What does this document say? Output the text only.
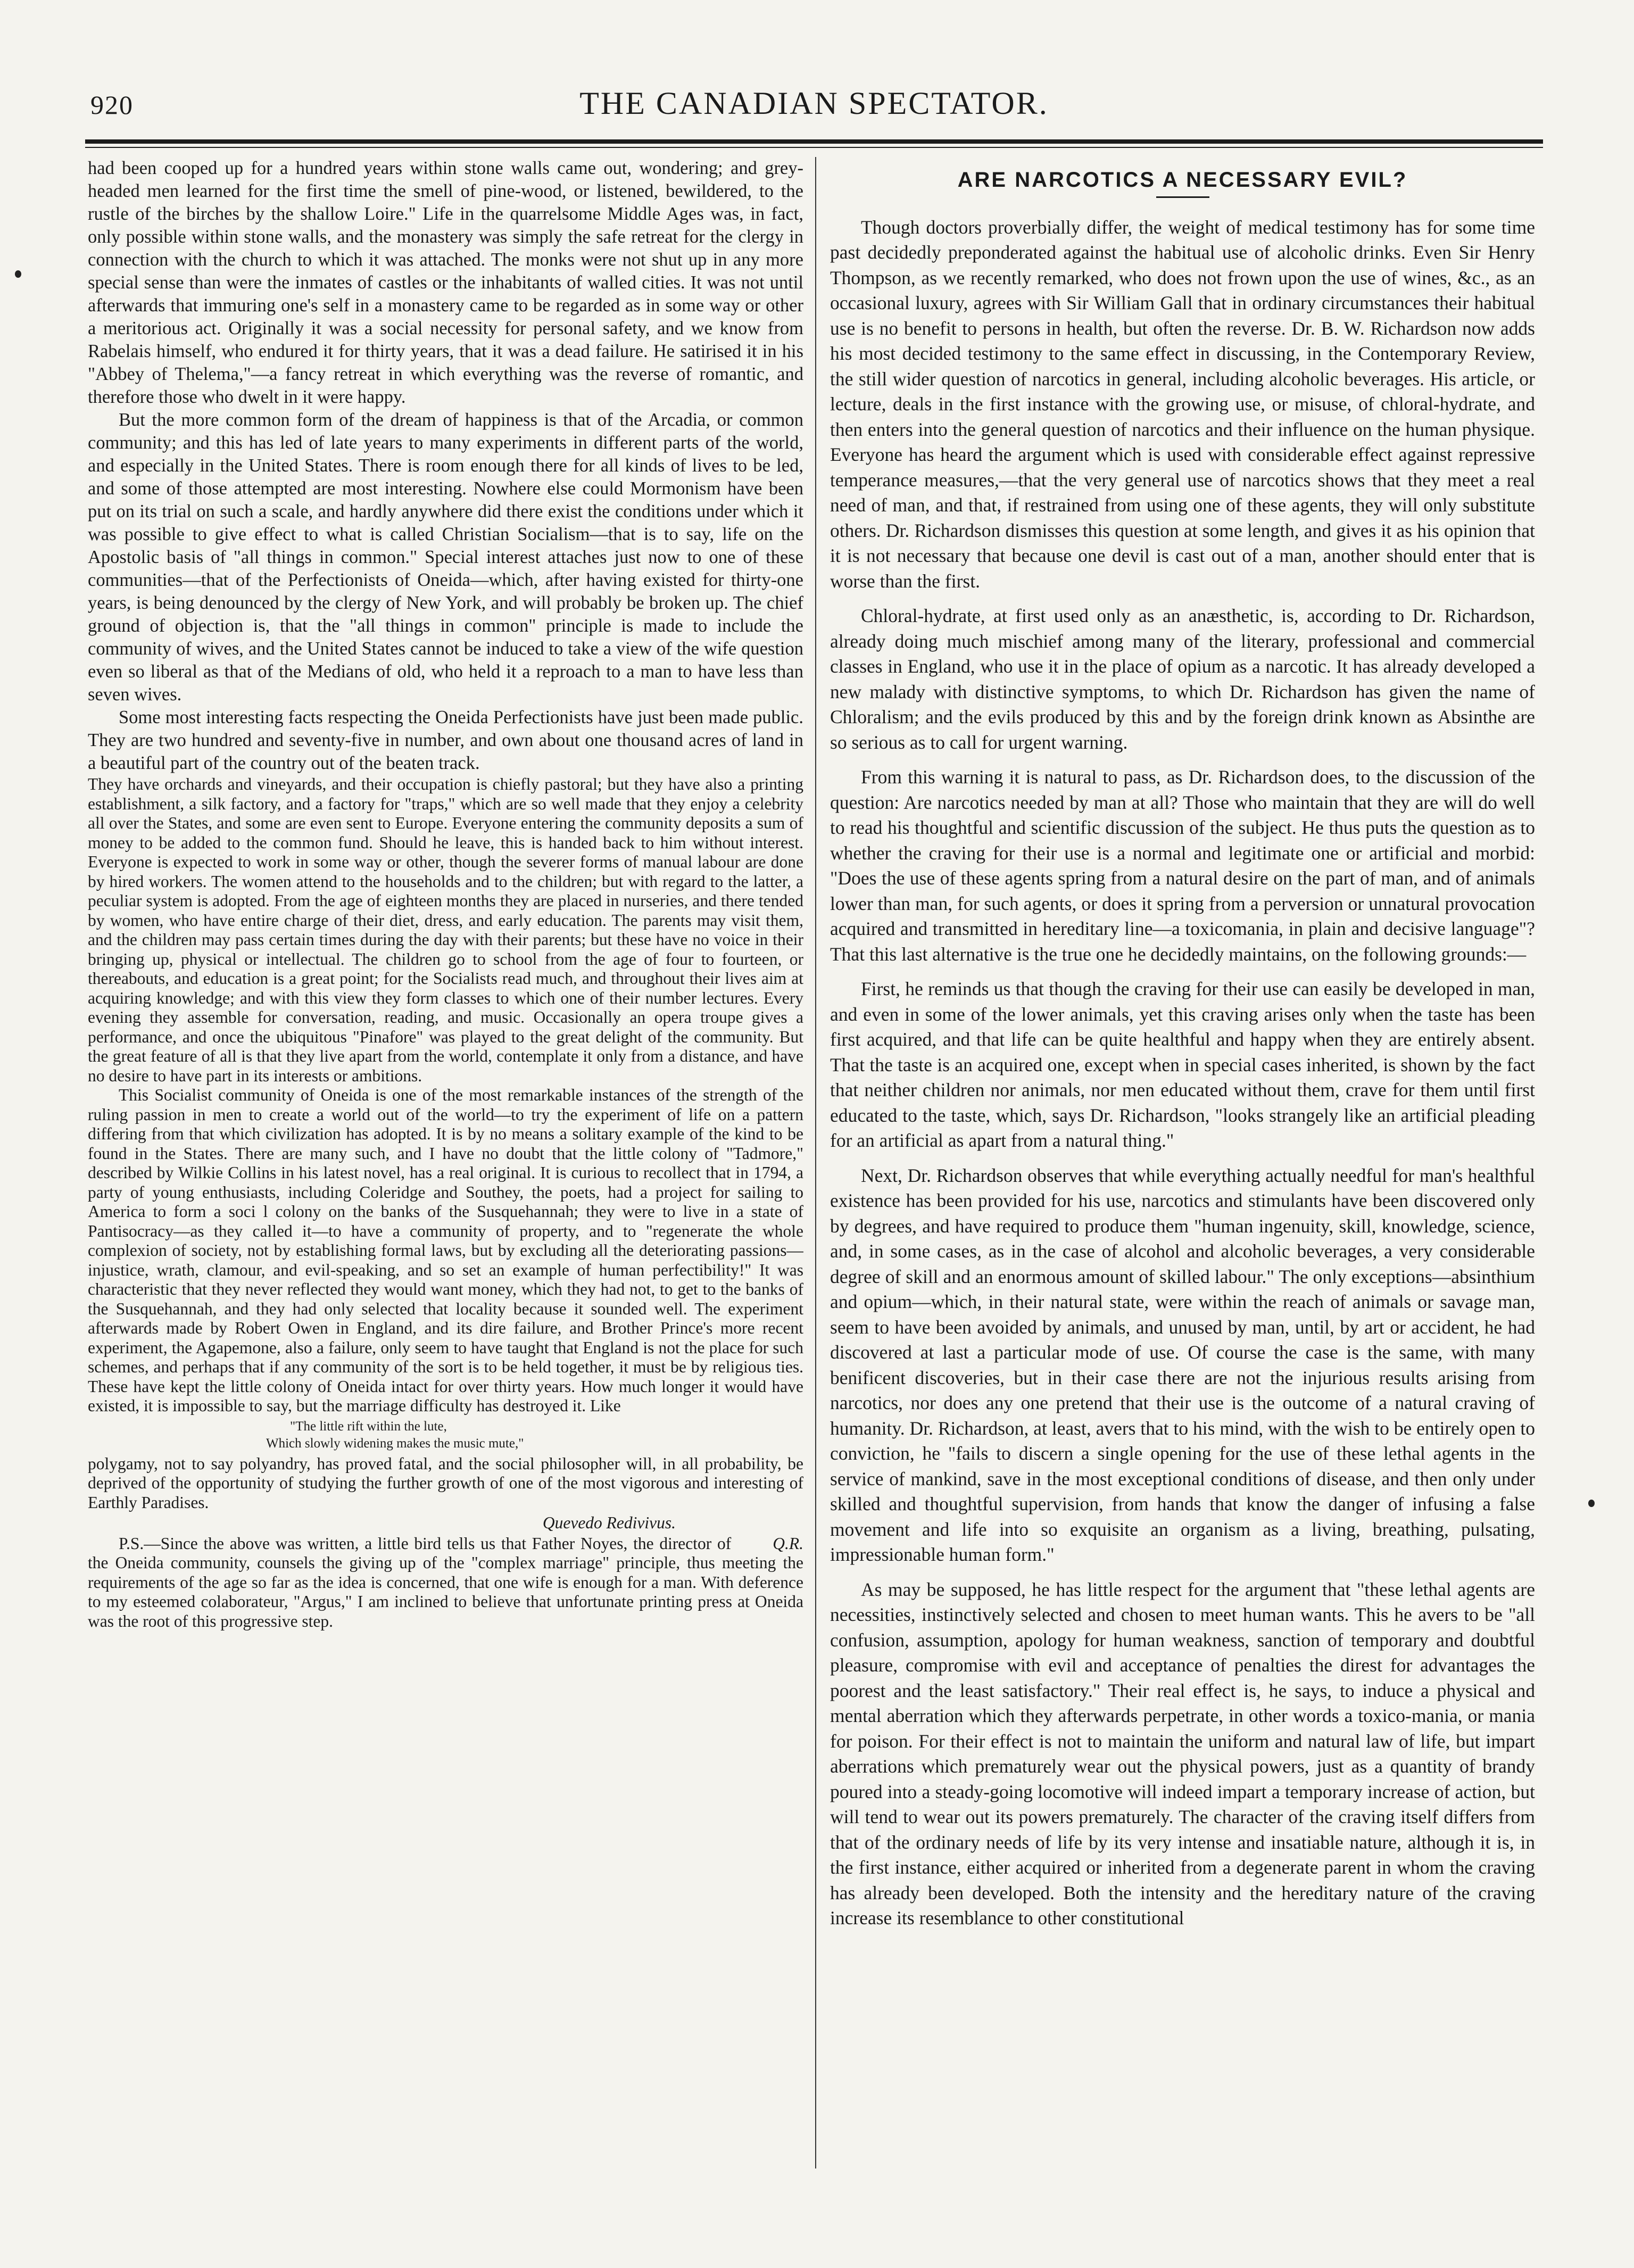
920	THE CANADIAN SPECTATOR.

had been cooped up for a hundred years within stone walls came out, wondering; and grey-headed men learned for the first time the smell of pine-wood, or listened, bewildered, to the rustle of the birches by the shallow Loire." Life in the quarrelsome Middle Ages was, in fact, only possible within stone walls, and the monastery was simply the safe retreat for the clergy in connection with the church to which it was attached. The monks were not shut up in any more special sense than were the inmates of castles or the inhabitants of walled cities. It was not until afterwards that immuring one's self in a monastery came to be regarded as in some way or other a meritorious act. Originally it was a social necessity for personal safety, and we know from Rabelais himself, who endured it for thirty years, that it was a dead failure. He satirised it in his "Abbey of Thelema,"—a fancy retreat in which everything was the reverse of romantic, and therefore those who dwelt in it were happy.

But the more common form of the dream of happiness is that of the Arcadia, or common community; and this has led of late years to many experiments in different parts of the world, and especially in the United States. There is room enough there for all kinds of lives to be led, and some of those attempted are most interesting. Nowhere else could Mormonism have been put on its trial on such a scale, and hardly anywhere did there exist the conditions under which it was possible to give effect to what is called Christian Socialism—that is to say, life on the Apostolic basis of "all things in common." Special interest attaches just now to one of these communities—that of the Perfectionists of Oneida—which, after having existed for thirty-one years, is being denounced by the clergy of New York, and will probably be broken up. The chief ground of objection is, that the "all things in common" principle is made to include the community of wives, and the United States cannot be induced to take a view of the wife question even so liberal as that of the Medians of old, who held it a reproach to a man to have less than seven wives.

Some most interesting facts respecting the Oneida Perfectionists have just been made public. They are two hundred and seventy-five in number, and own about one thousand acres of land in a beautiful part of the country out of the beaten track.

They have orchards and vineyards, and their occupation is chiefly pastoral; but they have also a printing establishment, a silk factory, and a factory for "traps," which are so well made that they enjoy a celebrity all over the States, and some are even sent to Europe. Everyone entering the community deposits a sum of money to be added to the common fund. Should he leave, this is handed back to him without interest. Everyone is expected to work in some way or other, though the severer forms of manual labour are done by hired workers. The women attend to the households and to the children; but with regard to the latter, a peculiar system is adopted. From the age of eighteen months they are placed in nurseries, and there tended by women, who have entire charge of their diet, dress, and early education. The parents may visit them, and the children may pass certain times during the day with their parents; but these have no voice in their bringing up, physical or intellectual. The children go to school from the age of four to fourteen, or thereabouts, and education is a great point; for the Socialists read much, and throughout their lives aim at acquiring knowledge; and with this view they form classes to which one of their number lectures. Every evening they assemble for conversation, reading, and music. Occasionally an opera troupe gives a performance, and once the ubiquitous "Pinafore" was played to the great delight of the community. But the great feature of all is that they live apart from the world, contemplate it only from a distance, and have no desire to have part in its interests or ambitions.

This Socialist community of Oneida is one of the most remarkable instances of the strength of the ruling passion in men to create a world out of the world—to try the experiment of life on a pattern differing from that which civilization has adopted. It is by no means a solitary example of the kind to be found in the States. There are many such, and I have no doubt that the little colony of "Tadmore," described by Wilkie Collins in his latest novel, has a real original. It is curious to recollect that in 1794, a party of young enthusiasts, including Coleridge and Southey, the poets, had a project for sailing to America to form a soci l colony on the banks of the Susquehannah; they were to live in a state of Pantisocracy—as they called it—to have a community of property, and to "regenerate the whole complexion of society, not by establishing formal laws, but by excluding all the deteriorating passions—injustice, wrath, clamour, and evil-speaking, and so set an example of human perfectibility!" It was characteristic that they never reflected they would want money, which they had not, to get to the banks of the Susquehannah, and they had only selected that locality because it sounded well. The experiment afterwards made by Robert Owen in England, and its dire failure, and Brother Prince's more recent experiment, the Agapemone, also a failure, only seem to have taught that England is not the place for such schemes, and perhaps that if any community of the sort is to be held together, it must be by religious ties. These have kept the little colony of Oneida intact for over thirty years. How much longer it would have existed, it is impossible to say, but the marriage difficulty has destroyed it. Like

"The little rift within the lute,
Which slowly widening makes the music mute,"

polygamy, not to say polyandry, has proved fatal, and the social philosopher will, in all probability, be deprived of the opportunity of studying the further growth of one of the most vigorous and interesting of Earthly Paradises.

Quevedo Redivivus.

Q.R.
P.S.—Since the above was written, a little bird tells us that Father Noyes, the director of the Oneida community, counsels the giving up of the "complex marriage" principle, thus meeting the requirements of the age so far as the idea is concerned, that one wife is enough for a man. With deference to my esteemed colaborateur, "Argus," I am inclined to believe that unfortunate printing press at Oneida was the root of this progressive step.

ARE NARCOTICS A NECESSARY EVIL?

Though doctors proverbially differ, the weight of medical testimony has for some time past decidedly preponderated against the habitual use of alcoholic drinks. Even Sir Henry Thompson, as we recently remarked, who does not frown upon the use of wines, &c., as an occasional luxury, agrees with Sir William Gall that in ordinary circumstances their habitual use is no benefit to persons in health, but often the reverse. Dr. B. W. Richardson now adds his most decided testimony to the same effect in discussing, in the Contemporary Review, the still wider question of narcotics in general, including alcoholic beverages. His article, or lecture, deals in the first instance with the growing use, or misuse, of chloral-hydrate, and then enters into the general question of narcotics and their influence on the human physique. Everyone has heard the argument which is used with considerable effect against repressive temperance measures,—that the very general use of narcotics shows that they meet a real need of man, and that, if restrained from using one of these agents, they will only substitute others. Dr. Richardson dismisses this question at some length, and gives it as his opinion that it is not necessary that because one devil is cast out of a man, another should enter that is worse than the first.

Chloral-hydrate, at first used only as an anæsthetic, is, according to Dr. Richardson, already doing much mischief among many of the literary, professional and commercial classes in England, who use it in the place of opium as a narcotic. It has already developed a new malady with distinctive symptoms, to which Dr. Richardson has given the name of Chloralism; and the evils produced by this and by the foreign drink known as Absinthe are so serious as to call for urgent warning.

From this warning it is natural to pass, as Dr. Richardson does, to the discussion of the question: Are narcotics needed by man at all? Those who maintain that they are will do well to read his thoughtful and scientific discussion of the subject. He thus puts the question as to whether the craving for their use is a normal and legitimate one or artificial and morbid: "Does the use of these agents spring from a natural desire on the part of man, and of animals lower than man, for such agents, or does it spring from a perversion or unnatural provocation acquired and transmitted in hereditary line—a toxicomania, in plain and decisive language"? That this last alternative is the true one he decidedly maintains, on the following grounds:—

First, he reminds us that though the craving for their use can easily be developed in man, and even in some of the lower animals, yet this craving arises only when the taste has been first acquired, and that life can be quite healthful and happy when they are entirely absent. That the taste is an acquired one, except when in special cases inherited, is shown by the fact that neither children nor animals, nor men educated without them, crave for them until first educated to the taste, which, says Dr. Richardson, "looks strangely like an artificial pleading for an artificial as apart from a natural thing."

Next, Dr. Richardson observes that while everything actually needful for man's healthful existence has been provided for his use, narcotics and stimulants have been discovered only by degrees, and have required to produce them "human ingenuity, skill, knowledge, science, and, in some cases, as in the case of alcohol and alcoholic beverages, a very considerable degree of skill and an enormous amount of skilled labour." The only exceptions—absinthium and opium—which, in their natural state, were within the reach of animals or savage man, seem to have been avoided by animals, and unused by man, until, by art or accident, he had discovered at last a particular mode of use. Of course the case is the same, with many benificent discoveries, but in their case there are not the injurious results arising from narcotics, nor does any one pretend that their use is the outcome of a natural craving of humanity. Dr. Richardson, at least, avers that to his mind, with the wish to be entirely open to conviction, he "fails to discern a single opening for the use of these lethal agents in the service of mankind, save in the most exceptional conditions of disease, and then only under skilled and thoughtful supervision, from hands that know the danger of infusing a false movement and life into so exquisite an organism as a living, breathing, pulsating, impressionable human form."

As may be supposed, he has little respect for the argument that "these lethal agents are necessities, instinctively selected and chosen to meet human wants. This he avers to be "all confusion, assumption, apology for human weakness, sanction of temporary and doubtful pleasure, compromise with evil and acceptance of penalties the direst for advantages the poorest and the least satisfactory." Their real effect is, he says, to induce a physical and mental aberration which they afterwards perpetrate, in other words a toxico-mania, or mania for poison. For their effect is not to maintain the uniform and natural law of life, but impart aberrations which prematurely wear out the physical powers, just as a quantity of brandy poured into a steady-going locomotive will indeed impart a temporary increase of action, but will tend to wear out its powers prematurely. The character of the craving itself differs from that of the ordinary needs of life by its very intense and insatiable nature, although it is, in the first instance, either acquired or inherited from a degenerate parent in whom the craving has already been developed. Both the intensity and the hereditary nature of the craving increase its resemblance to other constitutional
